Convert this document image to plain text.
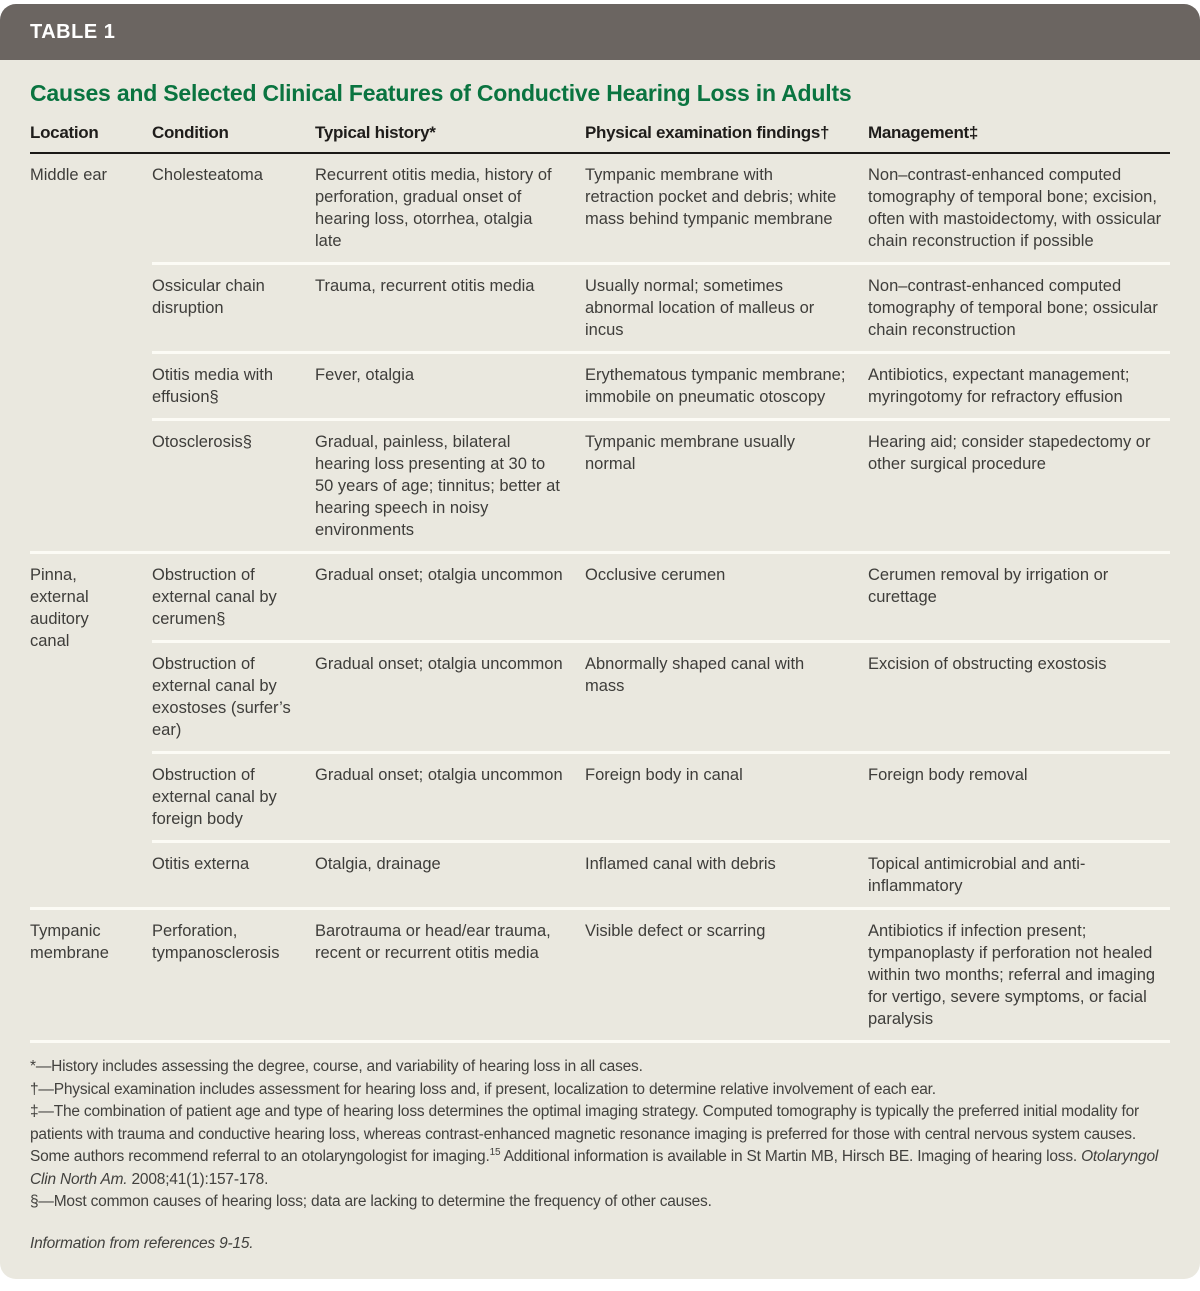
TABLE 1
Causes and Selected Clinical Features of Conductive Hearing Loss in Adults
Location	Condition	Typical history*	Physical examination findings†	Management‡
Middle ear	Cholesteatoma	Recurrent otitis media, history of perforation, gradual onset of hearing loss, otorrhea, otalgia late	Tympanic membrane with retraction pocket and debris; white mass behind tympanic membrane	Non–contrast-enhanced computed tomography of temporal bone; excision, often with mastoidectomy, with ossicular chain reconstruction if possible
	Ossicular chain disruption	Trauma, recurrent otitis media	Usually normal; sometimes abnormal location of malleus or incus	Non–contrast-enhanced computed tomography of temporal bone; ossicular chain reconstruction
	Otitis media with effusion§	Fever, otalgia	Erythematous tympanic membrane; immobile on pneumatic otoscopy	Antibiotics, expectant management; myringotomy for refractory effusion
	Otosclerosis§	Gradual, painless, bilateral hearing loss presenting at 30 to 50 years of age; tinnitus; better at hearing speech in noisy environments	Tympanic membrane usually normal	Hearing aid; consider stapedectomy or other surgical procedure
Pinna, external auditory canal	Obstruction of external canal by cerumen§	Gradual onset; otalgia uncommon	Occlusive cerumen	Cerumen removal by irrigation or curettage
	Obstruction of external canal by exostoses (surfer’s ear)	Gradual onset; otalgia uncommon	Abnormally shaped canal with mass	Excision of obstructing exostosis
	Obstruction of external canal by foreign body	Gradual onset; otalgia uncommon	Foreign body in canal	Foreign body removal
	Otitis externa	Otalgia, drainage	Inflamed canal with debris	Topical antimicrobial and anti-inflammatory
Tympanic membrane	Perforation, tympanosclerosis	Barotrauma or head/ear trauma, recent or recurrent otitis media	Visible defect or scarring	Antibiotics if infection present; tympanoplasty if perforation not healed within two months; referral and imaging for vertigo, severe symptoms, or facial paralysis

*—History includes assessing the degree, course, and variability of hearing loss in all cases.

†—Physical examination includes assessment for hearing loss and, if present, localization to determine relative involvement of each ear.

‡—The combination of patient age and type of hearing loss determines the optimal imaging strategy. Computed tomography is typically the preferred initial modality for patients with trauma and conductive hearing loss, whereas contrast-enhanced magnetic resonance imaging is preferred for those with central nervous system causes. Some authors recommend referral to an otolaryngologist for imaging.$^{15}$ Additional information is available in St Martin MB, Hirsch BE. Imaging of hearing loss. Otolaryngol Clin North Am. 2008;41(1):157-178.

§—Most common causes of hearing loss; data are lacking to determine the frequency of other causes.

Information from references 9-15.
